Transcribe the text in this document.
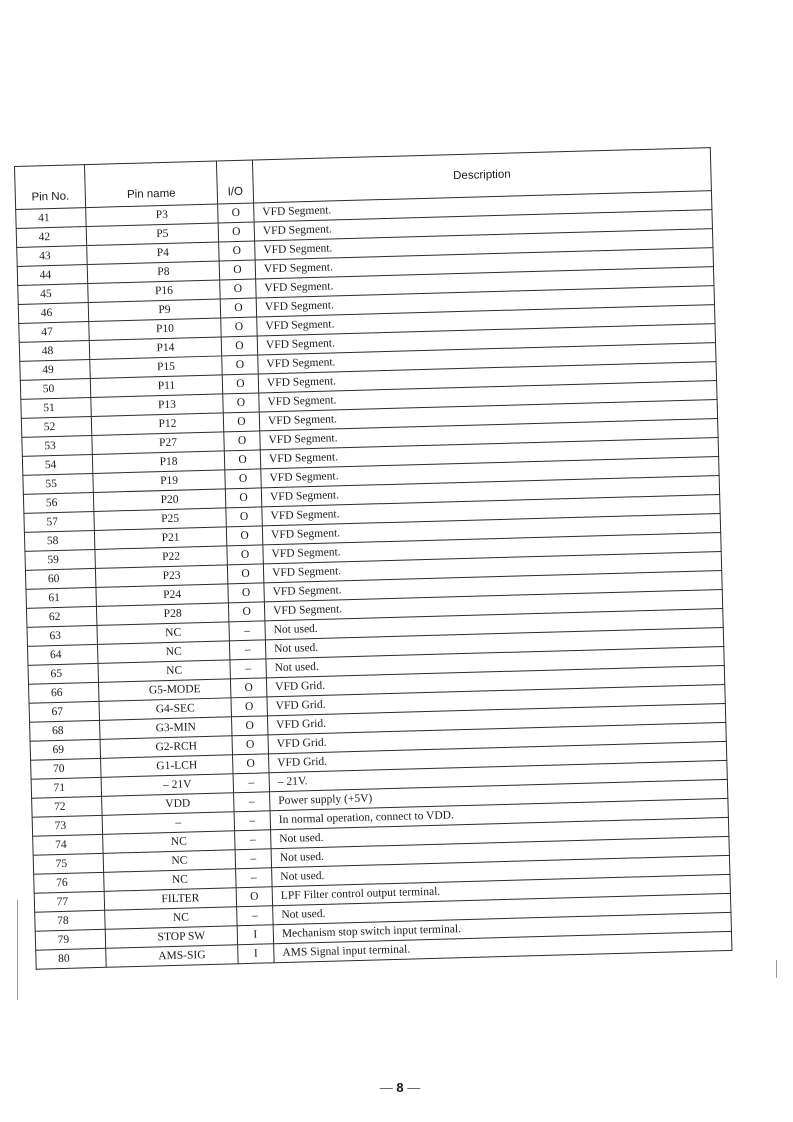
Pin No.	Pin name	I/O	Description
41	P3	O	VFD Segment.
42	P5	O	VFD Segment.
43	P4	O	VFD Segment.
44	P8	O	VFD Segment.
45	P16	O	VFD Segment.
46	P9	O	VFD Segment.
47	P10	O	VFD Segment.
48	P14	O	VFD Segment.
49	P15	O	VFD Segment.
50	P11	O	VFD Segment.
51	P13	O	VFD Segment.
52	P12	O	VFD Segment.
53	P27	O	VFD Segment.
54	P18	O	VFD Segment.
55	P19	O	VFD Segment.
56	P20	O	VFD Segment.
57	P25	O	VFD Segment.
58	P21	O	VFD Segment.
59	P22	O	VFD Segment.
60	P23	O	VFD Segment.
61	P24	O	VFD Segment.
62	P28	O	VFD Segment.
63	NC	–	Not used.
64	NC	–	Not used.
65	NC	–	Not used.
66	G5-MODE	O	VFD Grid.
67	G4-SEC	O	VFD Grid.
68	G3-MIN	O	VFD Grid.
69	G2-RCH	O	VFD Grid.
70	G1-LCH	O	VFD Grid.
71	– 21V	–	– 21V.
72	VDD	–	Power supply (+5V)
73	–	–	In normal operation, connect to VDD.
74	NC	–	Not used.
75	NC	–	Not used.
76	NC	–	Not used.
77	FILTER	O	LPF Filter control output terminal.
78	NC	–	Not used.
79	STOP SW	I	Mechanism stop switch input terminal.
80	AMS-SIG	I	AMS Signal input terminal.
— 8 —
